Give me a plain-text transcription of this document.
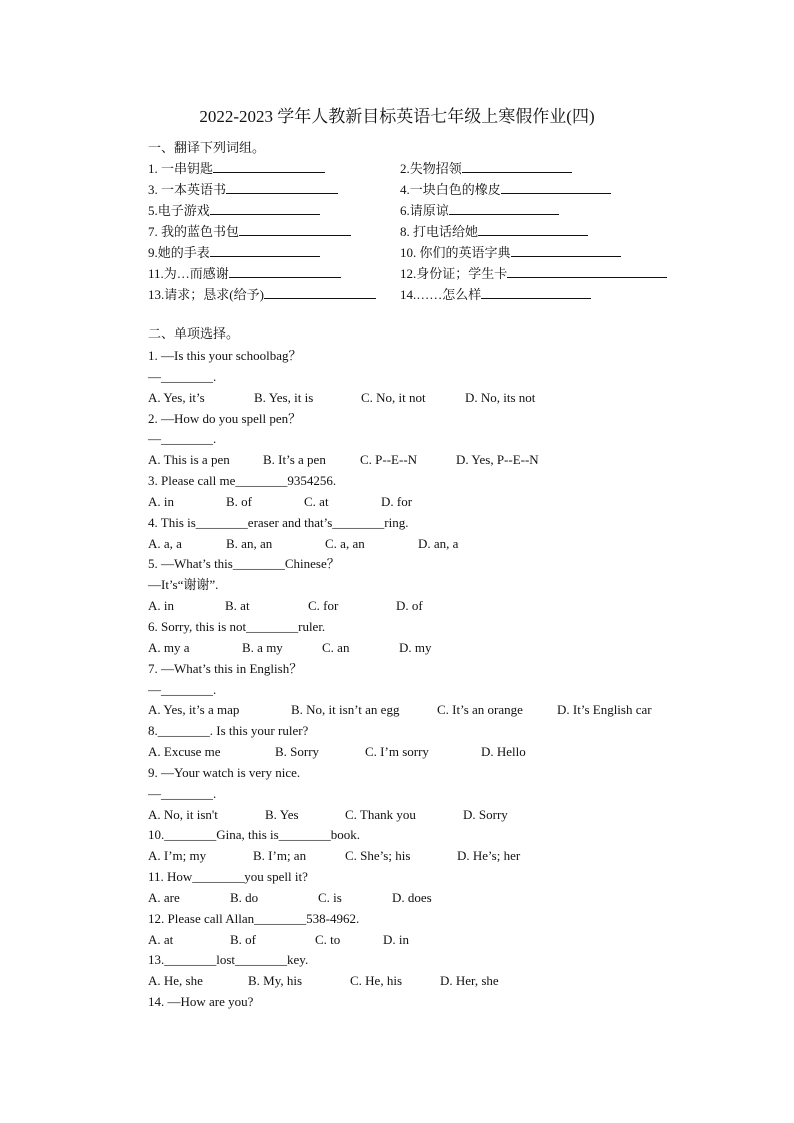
2022-2023 学年人教新目标英语七年级上寒假作业(四)
一、翻译下列词组。
1. 一串钥匙	2.失物招领
3. 一本英语书	4.一块白色的橡皮
5.电子游戏	6.请原谅
7. 我的蓝色书包	8. 打电话给她
9.她的手表	10. 你们的英语字典
11.为…而感谢	12.身份证；学生卡
13.请求；恳求(给予)	14.……怎么样
二、单项选择。
1. —Is this your schoolbag？
—________.
A. Yes, it’s	B. Yes, it is	C. No, it not	D. No, its not
2. —How do you spell pen？
—________.
A. This is a pen	B. It’s a pen	C. P--E--N	D. Yes, P--E--N
3. Please call me________9354256.
A. in	B. of	C. at	D. for
4. This is________eraser and that’s________ring.
A. a, a	B. an, an	C. a, an	D. an, a
5. —What’s this________Chinese？
—It’s“谢谢”.
A. in	B. at	C. for	D. of
6. Sorry, this is not________ruler.
A. my a	B. a my	C. an	D. my
7. —What’s this in English？
—________.
A. Yes, it’s a map	B. No, it isn’t an egg	C. It’s an orange	D. It’s English car
8.________. Is this your ruler?
A. Excuse me	B. Sorry	C. I’m sorry	D. Hello
9. —Your watch is very nice.
—________.
A. No, it isn't	B. Yes	C. Thank you	D. Sorry
10.________Gina, this is________book.
A. I’m; my	B. I’m; an	C. She’s; his	D. He’s; her
11. How________you spell it?
A. are	B. do	C. is	D. does
12. Please call Allan________538-4962.
A. at	B. of	C. to	D. in
13.________lost________key.
A. He, she	B. My, his	C. He, his	D. Her, she
14. —How are you?
